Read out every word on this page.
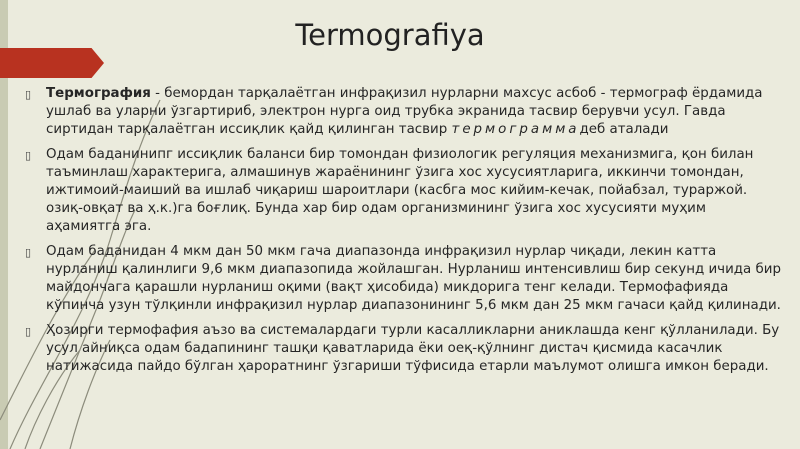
Termografiya
▯ Термография - бемордан тарқалаётган инфрақизил нурларни махсус асбоб - термограф ёрдамида ушлаб ва уларни ўзгартириб, электрон нурга оид трубка экранида тасвир берувчи усул. Гавда сиртидан тарқалаётган иссиқлик қайд қилинган тасвир термограммадеб аталади
▯ Одам баданинипг иссиқлик баланси бир томондан физиологик регуляция механизмига, қон билан таъминлаш характерига, алмашинув жараёнининг ўзига хос хусусиятларига, иккинчи томондан, ижтимоий-маиший ва ишлаб чиқариш шароитлари (касбга мос кийим-кечак, пойабзал, тураржой. озиқ-овқат ва ҳ.к.)га боғлиқ. Бунда хар бир одам организмининг ўзига хос хусусияти муҳим аҳамиятга эга.
▯ Одам баданидан 4 мкм дан 50 мкм гача диапазонда инфрақизил нурлар чиқади, лекин катта нурланиш қалинлиги 9,6 мкм диапазопида жойлашган. Нурланиш интенсивлиш бир секунд ичида бир майдончага қарашли нурланиш оқими (вақт ҳисобида) микдорига тенг келади. Термофафияда кўпинча узун тўлқинли инфрақизил нурлар диапазонининг 5,6 мкм дан 25 мкм гачаси қайд қилинади.
▯ Ҳозирги термофафия аъзо ва системалардаги турли касалликларни аниклашда кенг қўлланилади. Бу усул айниқса одам бадапининг ташқи қаватларида ёки оеқ-қўлнинг дистач қисмида касачлик натижасида пайдо бўлган ҳароратнинг ўзгариши тўфисида етарли маълумот олишга имкон беради.
